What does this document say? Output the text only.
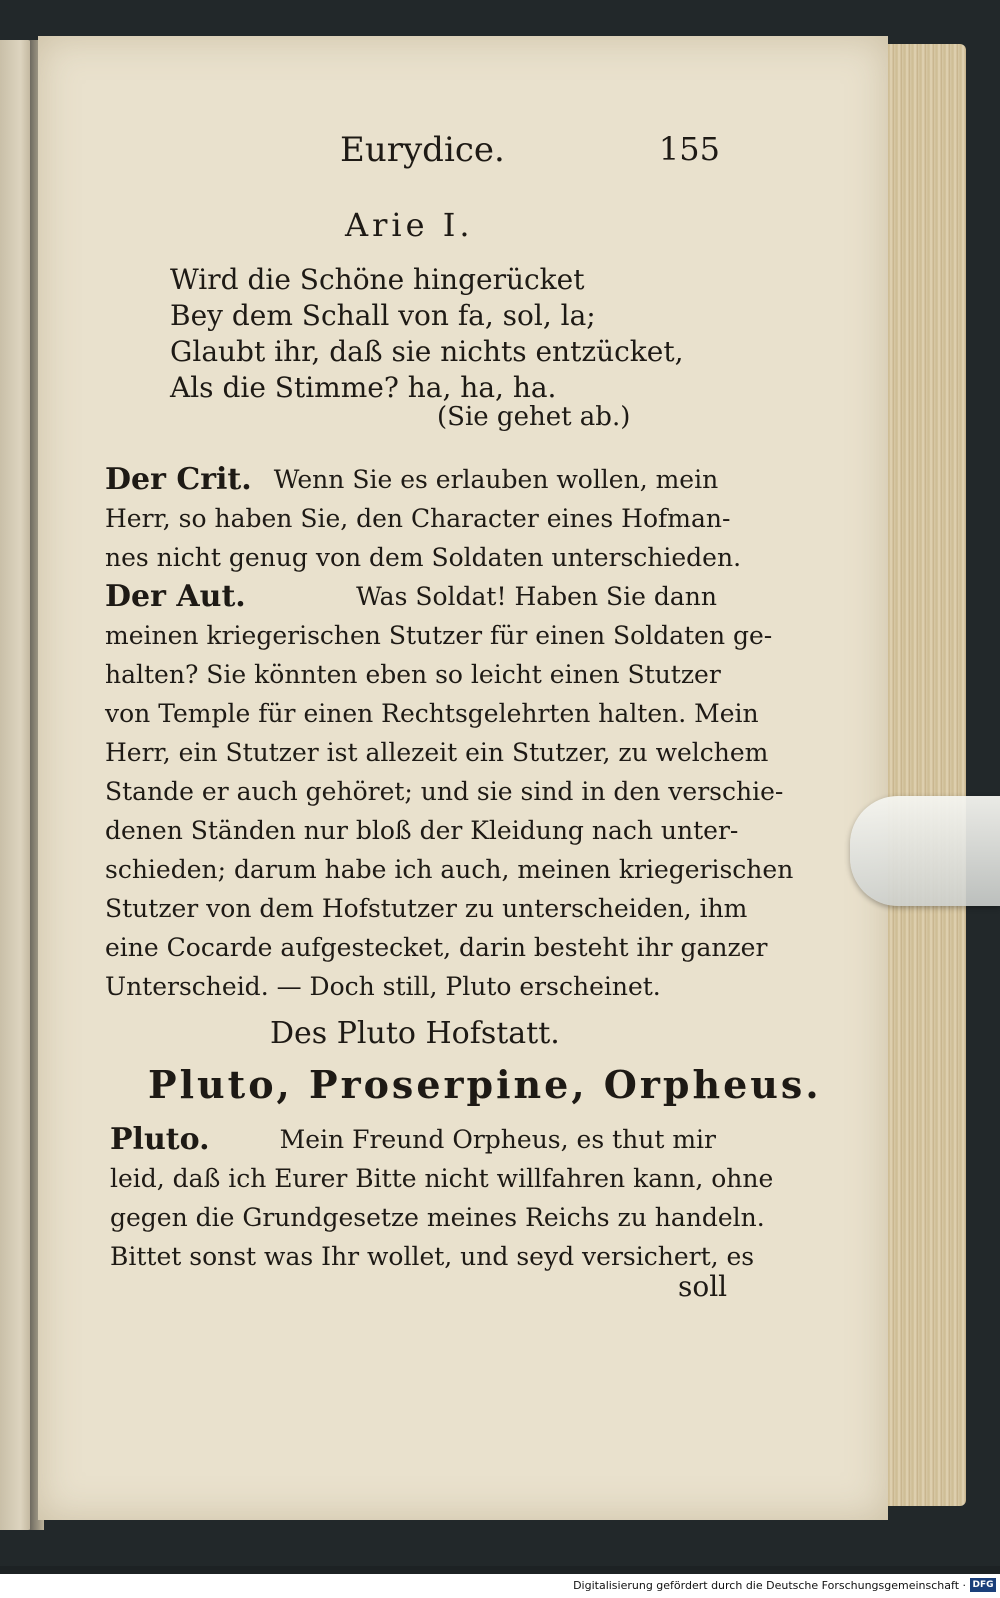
Eurydice.	155
Arie I.
Wird die Schöne hingerücket
Bey dem Schall von fa, sol, la;
Glaubt ihr, daß sie nichts entzücket,
Als die Stimme? ha, ha, ha.
(Sie gehet ab.)
Der Crit. Wenn Sie es erlauben wollen, mein
Herr, so haben Sie, den Character eines Hofman-
nes nicht genug von dem Soldaten unterschieden.
Der Aut.	Was Soldat! Haben Sie dann
meinen kriegerischen Stutzer für einen Soldaten ge-
halten? Sie könnten eben so leicht einen Stutzer
von Temple für einen Rechtsgelehrten halten. Mein
Herr, ein Stutzer ist allezeit ein Stutzer, zu welchem
Stande er auch gehöret; und sie sind in den verschie-
denen Ständen nur bloß der Kleidung nach unter-
schieden; darum habe ich auch, meinen kriegerischen
Stutzer von dem Hofstutzer zu unterscheiden, ihm
eine Cocarde aufgestecket, darin besteht ihr ganzer
Unterscheid. — Doch still, Pluto erscheinet.
Des Pluto Hofstatt.
Pluto, Proserpine, Orpheus.
Pluto.	Mein Freund Orpheus, es thut mir
leid, daß ich Eurer Bitte nicht willfahren kann, ohne
gegen die Grundgesetze meines Reichs zu handeln.
Bittet sonst was Ihr wollet, und seyd versichert, es
soll
Digitalisierung gefördert durch die Deutsche Forschungsgemeinschaft · DFG
